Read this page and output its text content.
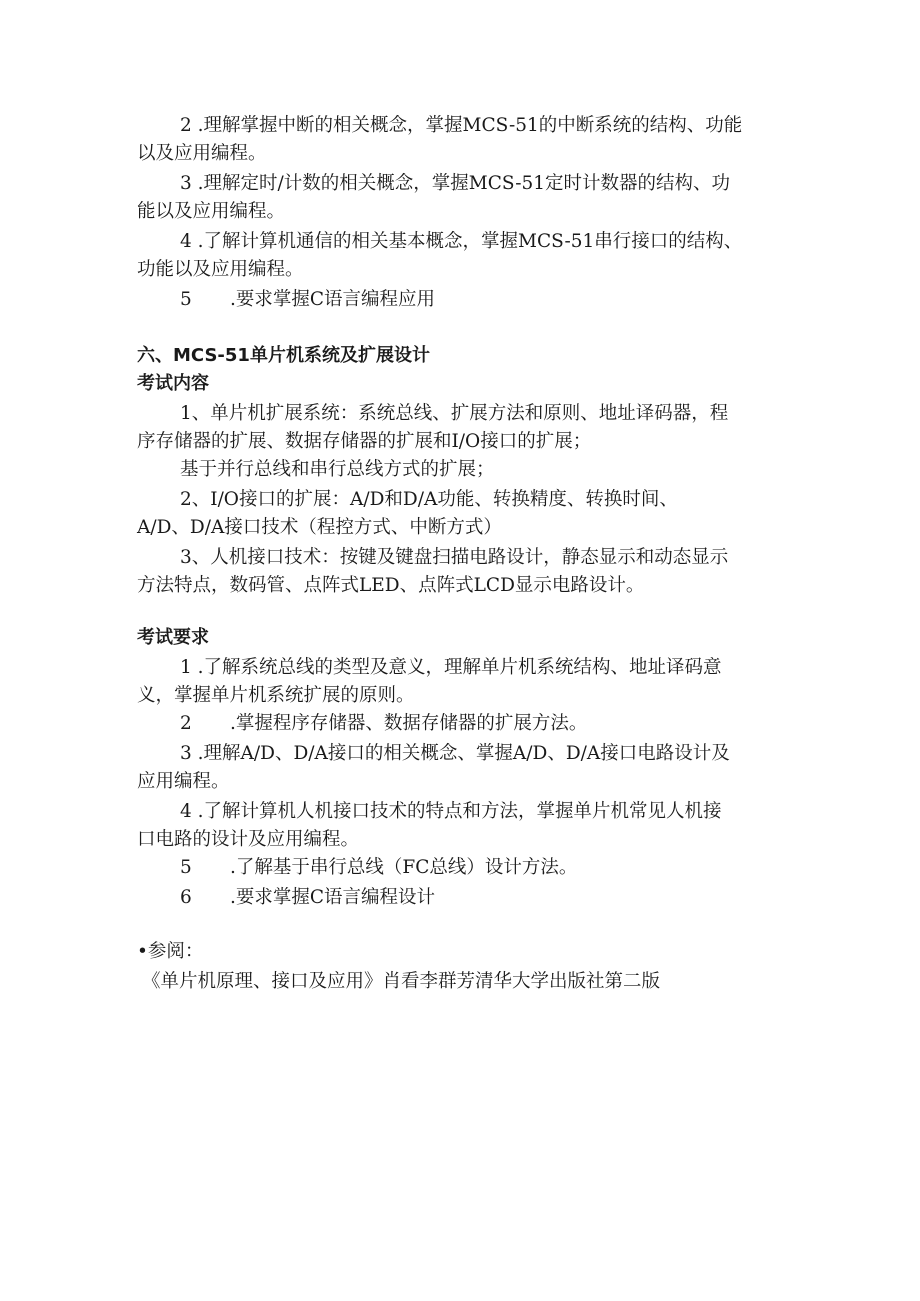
2 .理解掌握中断的相关概念，掌握MCS-51的中断系统的结构、功能
以及应用编程。
3 .理解定时/计数的相关概念，掌握MCS-51定时计数器的结构、功
能以及应用编程。
4 .了解计算机通信的相关基本概念，掌握MCS-51串行接口的结构、
功能以及应用编程。
5 .要求掌握C语言编程应用
六、MCS-51单片机系统及扩展设计
考试内容
1、单片机扩展系统：系统总线、扩展方法和原则、地址译码器，程
序存储器的扩展、数据存储器的扩展和I/O接口的扩展；
基于并行总线和串行总线方式的扩展；
2、I/O接口的扩展：A/D和D/A功能、转换精度、转换时间、
A/D、D/A接口技术（程控方式、中断方式）
3、人机接口技术：按键及键盘扫描电路设计，静态显示和动态显示
方法特点，数码管、点阵式LED、点阵式LCD显示电路设计。
考试要求
1 .了解系统总线的类型及意义，理解单片机系统结构、地址译码意
义，掌握单片机系统扩展的原则。
2 .掌握程序存储器、数据存储器的扩展方法。
3 .理解A/D、D/A接口的相关概念、掌握A/D、D/A接口电路设计及
应用编程。
4 .了解计算机人机接口技术的特点和方法，掌握单片机常见人机接
口电路的设计及应用编程。
5 .了解基于串行总线（FC总线）设计方法。
6 .要求掌握C语言编程设计
•参阅：
《单片机原理、接口及应用》肖看李群芳清华大学出版社第二版
